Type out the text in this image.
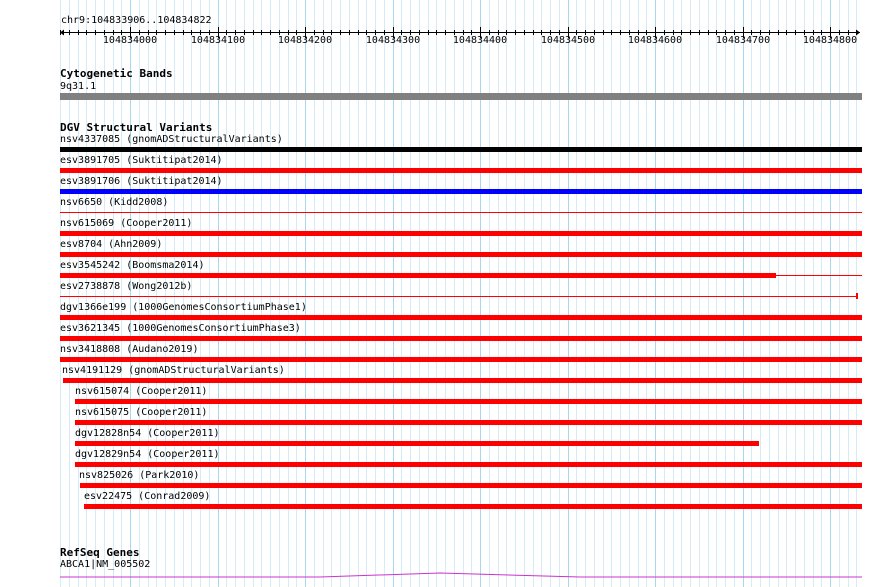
chr9:104833906..104834822
104834000	104834100	104834200	104834300	104834400	104834500	104834600	104834700	104834800
Cytogenetic Bands
9q31.1
DGV Structural Variants
nsv4337085 (gnomADStructuralVariants)
esv3891705 (Suktitipat2014)
esv3891706 (Suktitipat2014)
nsv6650 (Kidd2008)
nsv615069 (Cooper2011)
esv8704 (Ahn2009)
esv3545242 (Boomsma2014)
esv2738878 (Wong2012b)
dgv1366e199 (1000GenomesConsortiumPhase1)
esv3621345 (1000GenomesConsortiumPhase3)
nsv3418808 (Audano2019)
nsv4191129 (gnomADStructuralVariants)
nsv615074 (Cooper2011)
nsv615075 (Cooper2011)
dgv12828n54 (Cooper2011)
dgv12829n54 (Cooper2011)
nsv825026 (Park2010)
esv22475 (Conrad2009)
RefSeq Genes
ABCA1|NM_005502
